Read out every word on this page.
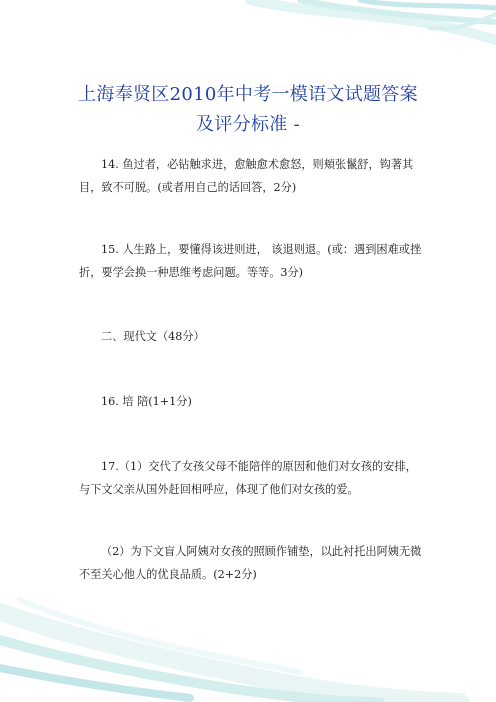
上海奉贤区2010年中考一模语文试题答案
及评分标准 -

14. 鱼过者，必钻触求进，愈触愈术愈怒，则頬张鬣舒，钩著其目，致不可脱。(或者用自己的话回答，2分)

15. 人生路上，要懂得该进则进， 该退则退。(或：遇到困难或挫折，要学会换一种思维考虑问题。等等。3分)

二、现代文（48分）

16. 培 陪(1+1分)

17.（1）交代了女孩父母不能陪伴的原因和他们对女孩的安排，与下文父亲从国外赶回相呼应，体现了他们对女孩的爱。

（2）为下文盲人阿姨对女孩的照顾作铺垫，以此衬托出阿姨无微不至关心他人的优良品质。(2+2分)
